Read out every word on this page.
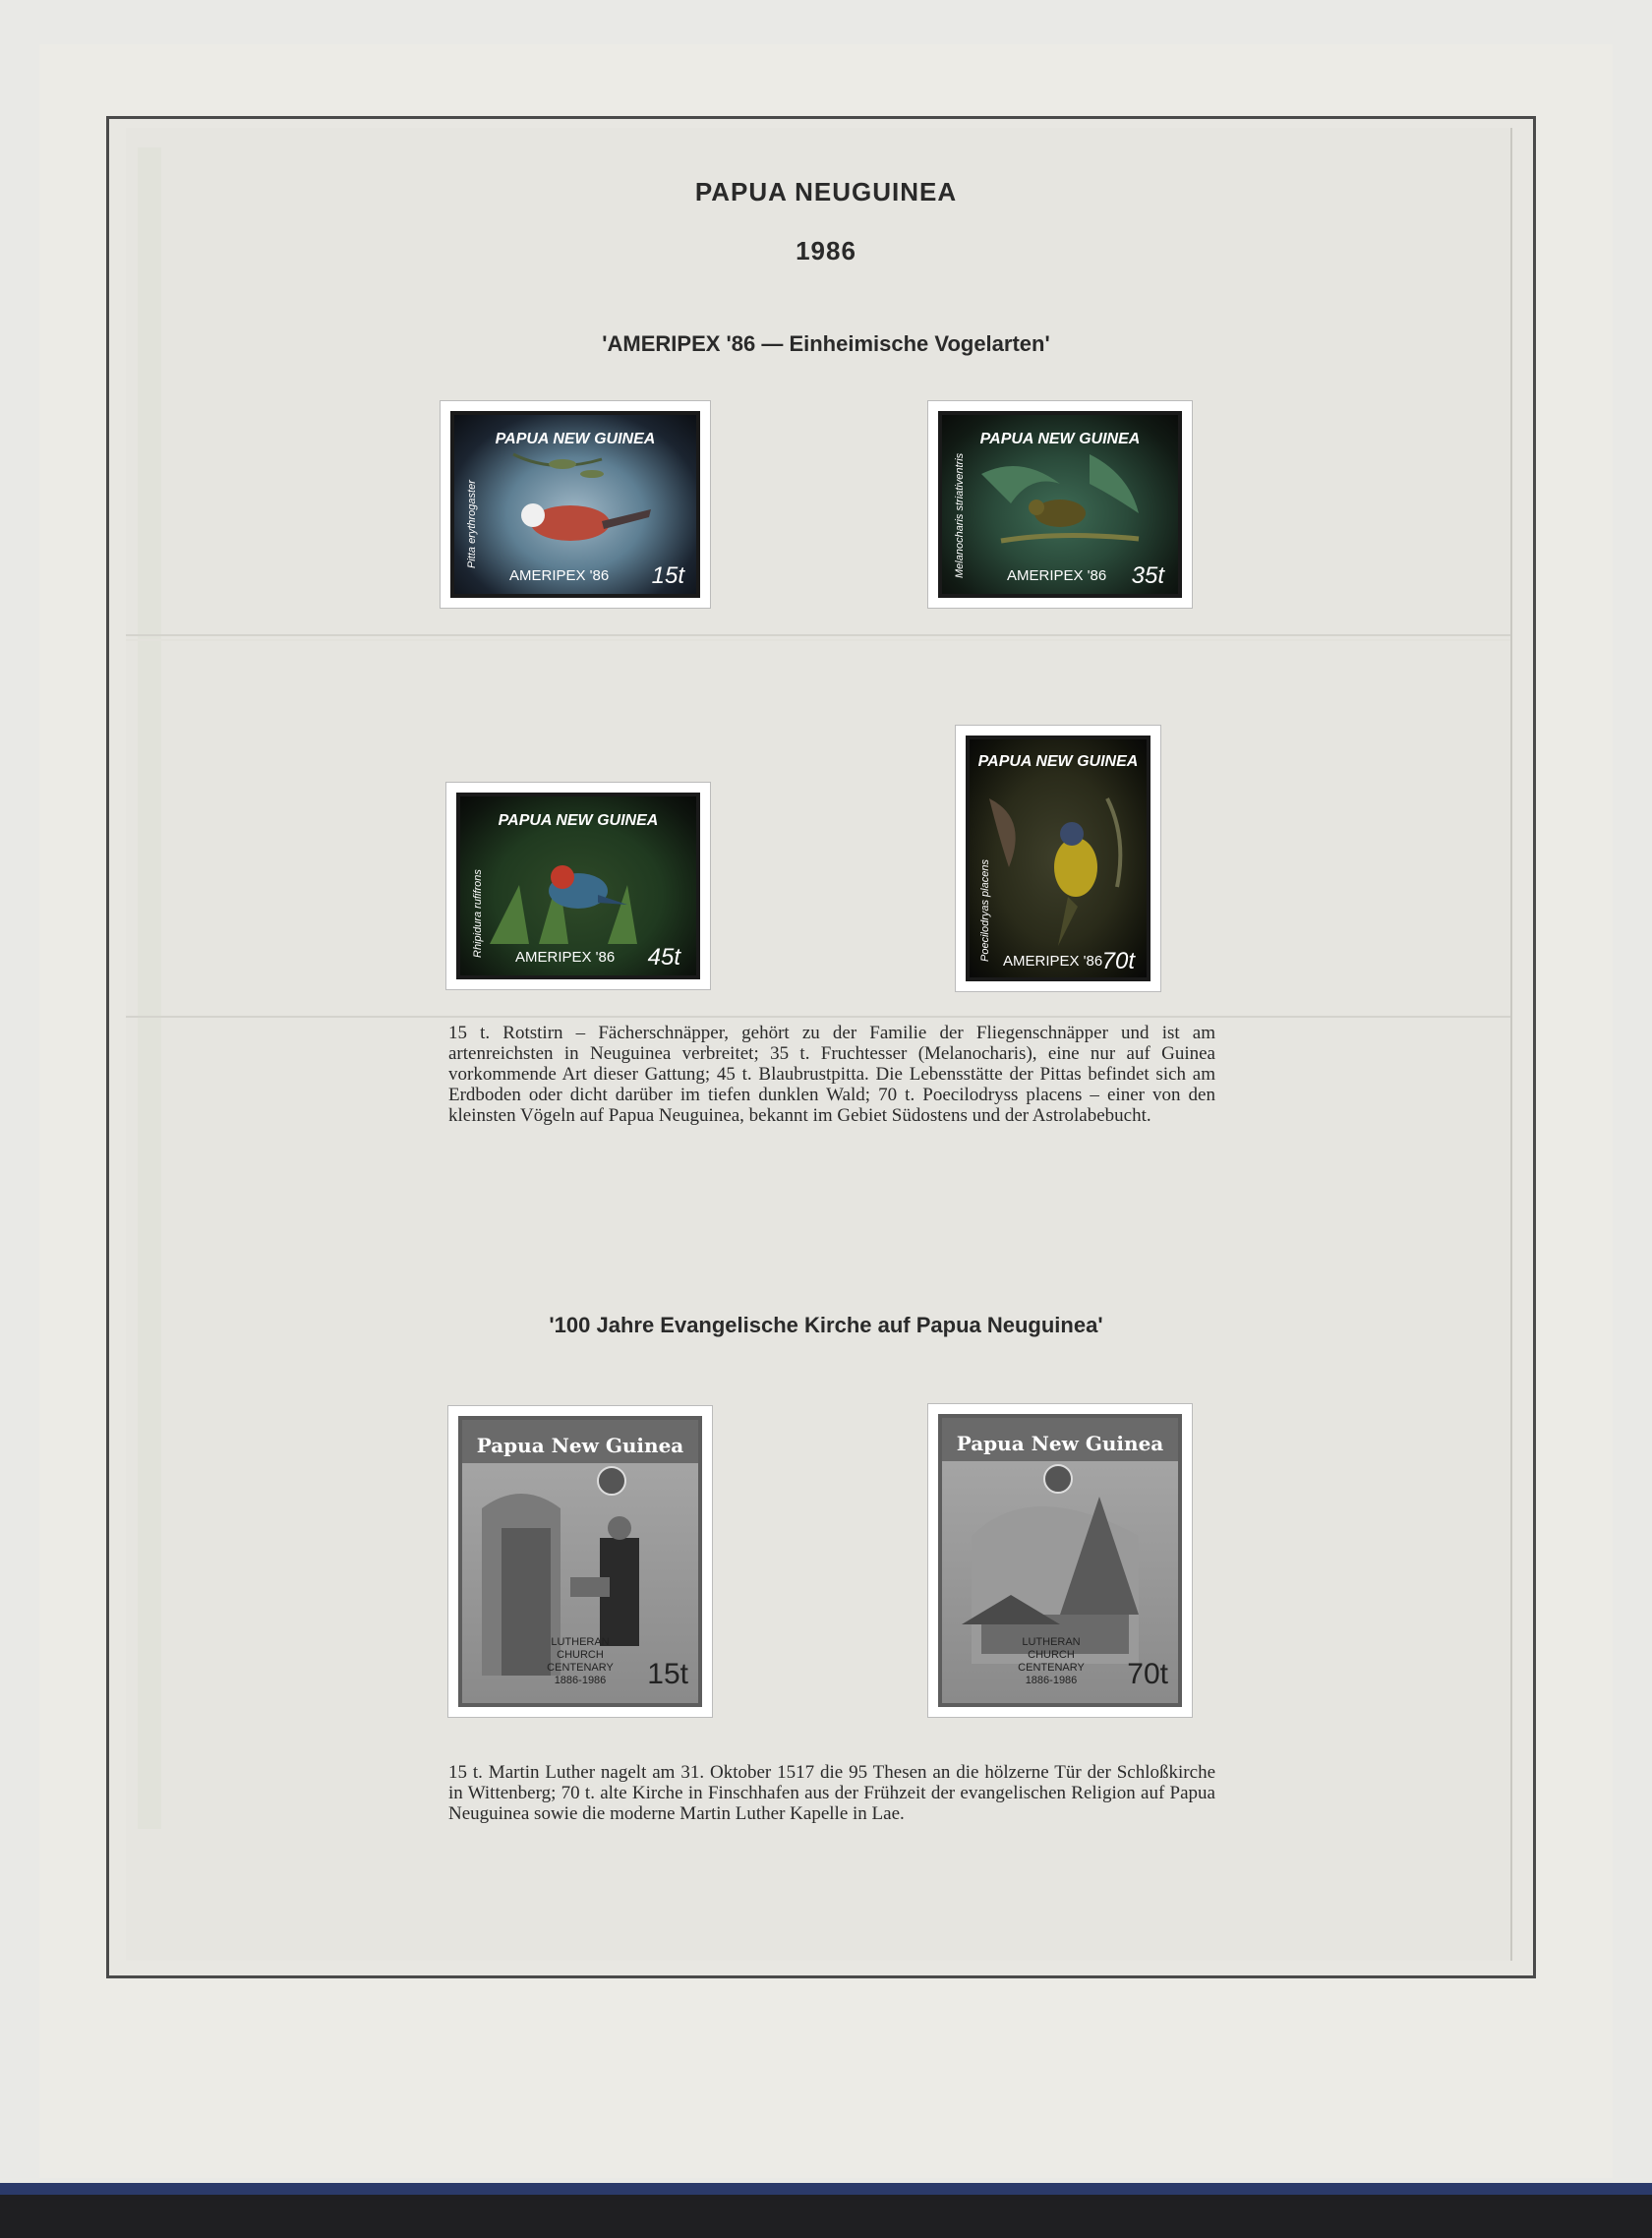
PAPUA NEUGUINEA
1986
'AMERIPEX '86 — Einheimische Vogelarten'
PAPUA NEW GUINEA
AMERIPEX '86 15t
Pitta erythrogaster
PAPUA NEW GUINEA
AMERIPEX '86 35t
Melanocharis striativentris
PAPUA NEW GUINEA
AMERIPEX '86 45t
Rhipidura rufifrons
PAPUA NEW GUINEA
AMERIPEX '86 70t
Poecilodryas placens
15 t. Rotstirn – Fächerschnäpper, gehört zu der Familie der Fliegenschnäpper und ist am artenreichsten in Neuguinea verbreitet; 35 t. Fruchtesser (Melanocharis), eine nur auf Guinea vorkommende Art dieser Gattung; 45 t. Blaubrustpitta. Die Lebensstätte der Pittas befindet sich am Erdboden oder dicht darüber im tiefen dunklen Wald; 70 t. Poecilodryss placens – einer von den kleinsten Vögeln auf Papua Neuguinea, bekannt im Gebiet Südostens und der Astrolabebucht.
'100 Jahre Evangelische Kirche auf Papua Neuguinea'
Papua New Guinea
LUTHERAN
CHURCH CENTENARY
1886-1986	15t
Papua New Guinea
LUTHERAN
CHURCH CENTENARY
1886-1986	70t
15 t. Martin Luther nagelt am 31. Oktober 1517 die 95 Thesen an die hölzerne Tür der Schloßkirche in Wittenberg; 70 t. alte Kirche in Finschhafen aus der Frühzeit der evangelischen Religion auf Papua Neuguinea sowie die moderne Martin Luther Kapelle in Lae.
